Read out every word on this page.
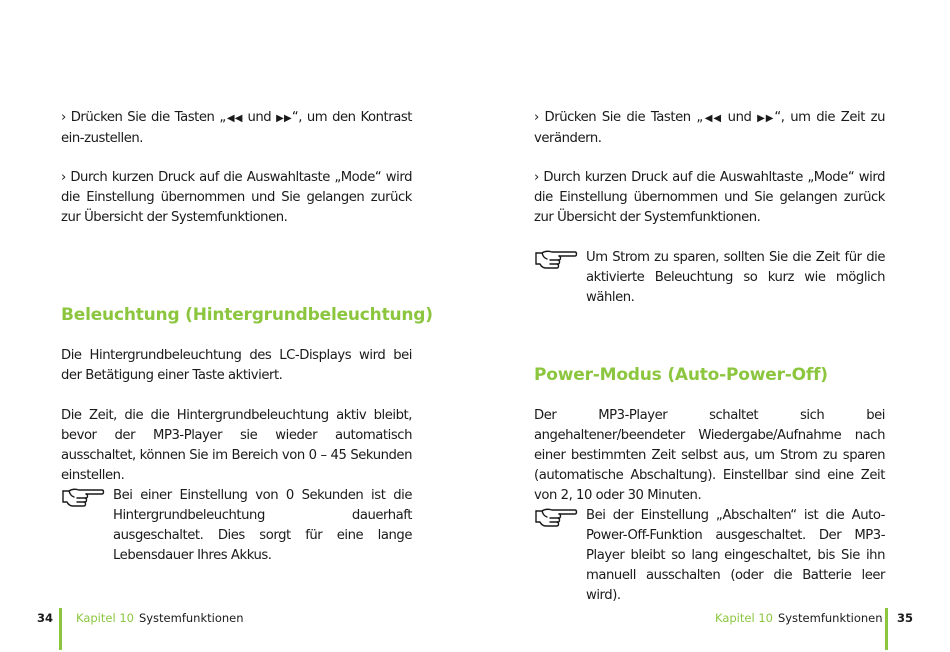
› Drücken Sie die Tasten „◀◀ und ▶▶“, um den Kontrast ein-zustellen.

› Durch kurzen Druck auf die Auswahltaste „Mode“ wird die Einstellung übernommen und Sie gelangen zurück zur Übersicht der Systemfunktionen.

Beleuchtung (Hintergrundbeleuchtung)

Die Hintergrundbeleuchtung des LC-Displays wird bei der Betätigung einer Taste aktiviert.

Die Zeit, die die Hintergrundbeleuchtung aktiv bleibt, bevor der MP3-Player sie wieder automatisch ausschaltet, können Sie im Bereich von 0 – 45 Sekunden einstellen.

Bei einer Einstellung von 0 Sekunden ist die Hintergrundbeleuchtung dauerhaft ausgeschaltet. Dies sorgt für eine lange Lebensdauer Ihres Akkus.

› Drücken Sie die Tasten „◀◀ und ▶▶“, um die Zeit zu verändern.

› Durch kurzen Druck auf die Auswahltaste „Mode“ wird die Einstellung übernommen und Sie gelangen zurück zur Übersicht der Systemfunktionen.

Um Strom zu sparen, sollten Sie die Zeit für die aktivierte Beleuchtung so kurz wie möglich wählen.

Power-Modus (Auto-Power-Off)

Der MP3-Player schaltet sich bei angehaltener/beendeter Wiedergabe/Aufnahme nach einer bestimmten Zeit selbst aus, um Strom zu sparen (automatische Abschaltung). Einstellbar sind eine Zeit von 2, 10 oder 30 Minuten.

Bei der Einstellung „Abschalten“ ist die Auto-Power-Off-Funktion ausgeschaltet. Der MP3-Player bleibt so lang eingeschaltet, bis Sie ihn manuell ausschalten (oder die Batterie leer wird).

34 Kapitel 10 Systemfunktionen	Kapitel 10 Systemfunktionen 35
